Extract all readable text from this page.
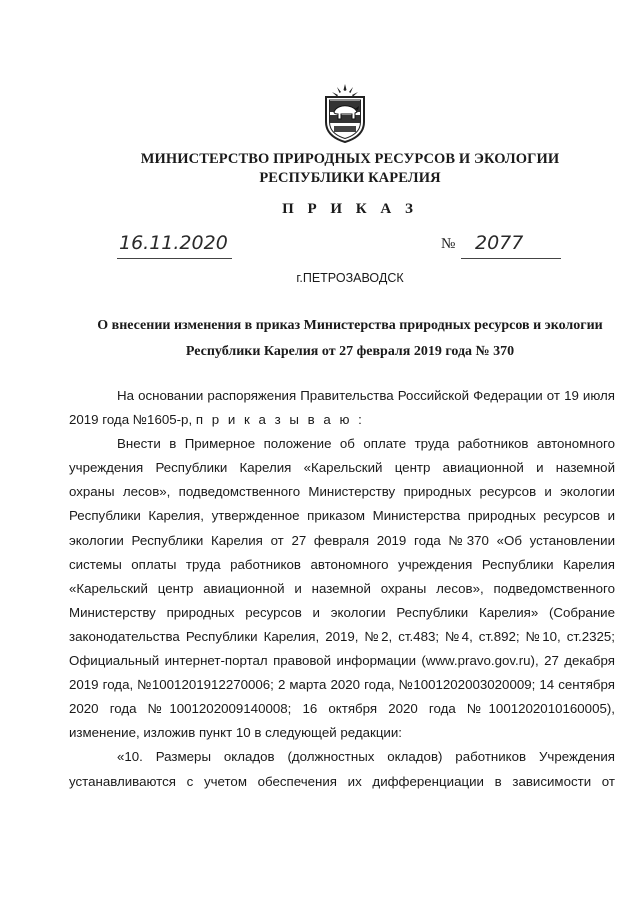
МИНИСТЕРСТВО ПРИРОДНЫХ РЕСУРСОВ И ЭКОЛОГИИ
РЕСПУБЛИКИ КАРЕЛИЯ
П Р И К А З
16.11.2020	№	2077
г.ПЕТРОЗАВОДСК
О внесении изменения в приказ Министерства природных ресурсов и экологии
Республики Карелия от 27 февраля 2019 года № 370

На основании распоряжения Правительства Российской Федерации от 19 июля

2019 года №1605-р, п р и к а з ы в а ю :

Внести в Примерное положение об оплате труда работников автономного

учреждения Республики Карелия «Карельский центр авиационной и наземной

охраны лесов», подведомственного Министерству природных ресурсов и экологии

Республики Карелия, утвержденное приказом Министерства природных ресурсов и

экологии Республики Карелия от 27 февраля 2019 года №370 «Об установлении

системы оплаты труда работников автономного учреждения Республики Карелия

«Карельский центр авиационной и наземной охраны лесов», подведомственного

Министерству природных ресурсов и экологии Республики Карелия» (Собрание

законодательства Республики Карелия, 2019, №2, ст.483; №4, ст.892; №10, ст.2325;

Официальный интернет-портал правовой информации (www.pravo.gov.ru), 27 декабря

2019 года, №1001201912270006; 2 марта 2020 года, №1001202003020009; 14 сентября

2020 года №1001202009140008; 16 октября 2020 года №1001202010160005),

изменение, изложив пункт 10 в следующей редакции:

«10. Размеры окладов (должностных окладов) работников Учреждения

устанавливаются с учетом обеспечения их дифференциации в зависимости от
